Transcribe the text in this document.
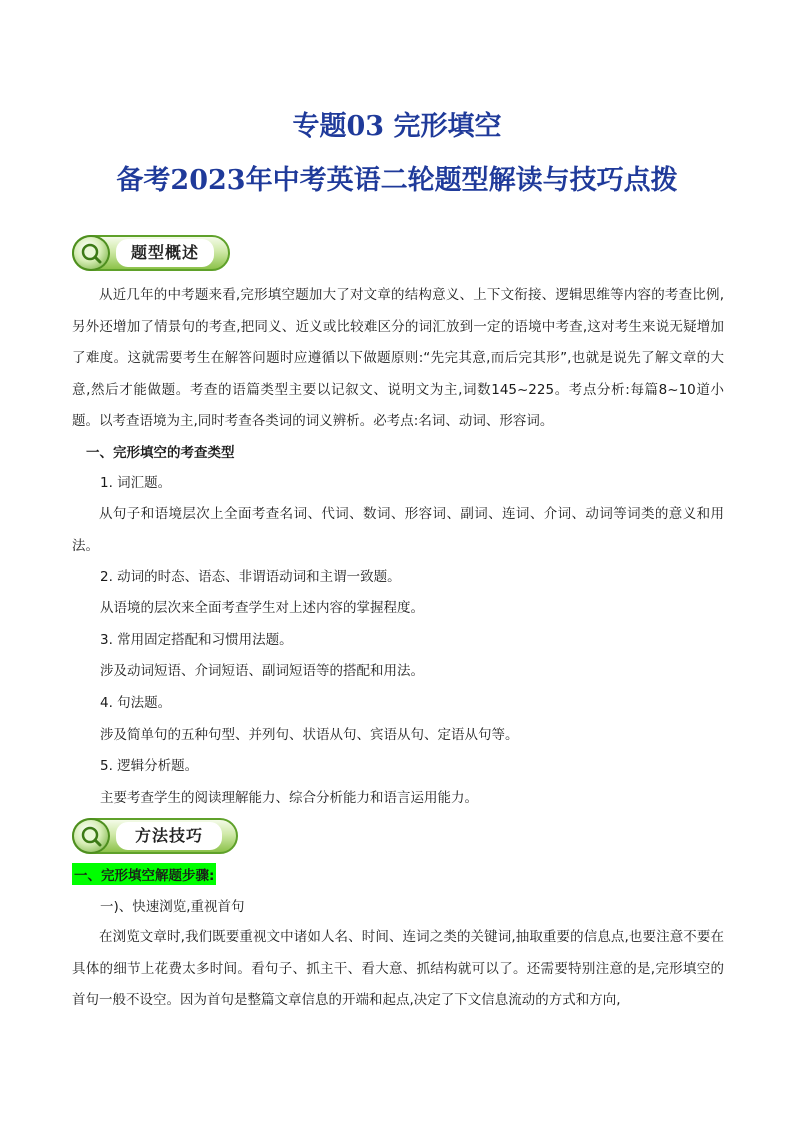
专题03 完形填空
备考2023年中考英语二轮题型解读与技巧点拨
题型概述

从近几年的中考题来看,完形填空题加大了对文章的结构意义、上下文衔接、逻辑思维等内容的考查比例,另外还增加了情景句的考查,把同义、近义或比较难区分的词汇放到一定的语境中考查,这对考生来说无疑增加了难度。这就需要考生在解答问题时应遵循以下做题原则:“先完其意,而后完其形”,也就是说先了解文章的大意,然后才能做题。考查的语篇类型主要以记叙文、说明文为主,词数145~225。考点分析:每篇8~10道小题。以考查语境为主,同时考查各类词的词义辨析。必考点:名词、动词、形容词。

一、完形填空的考查类型
1. 词汇题。

从句子和语境层次上全面考查名词、代词、数词、形容词、副词、连词、介词、动词等词类的意义和用法。

2. 动词的时态、语态、非谓语动词和主谓一致题。
从语境的层次来全面考查学生对上述内容的掌握程度。
3. 常用固定搭配和习惯用法题。
涉及动词短语、介词短语、副词短语等的搭配和用法。
4. 句法题。
涉及简单句的五种句型、并列句、状语从句、宾语从句、定语从句等。
5. 逻辑分析题。
主要考查学生的阅读理解能力、综合分析能力和语言运用能力。
方法技巧
一、完形填空解题步骤:
一)、快速浏览,重视首句

在浏览文章时,我们既要重视文中诸如人名、时间、连词之类的关键词,抽取重要的信息点,也要注意不要在具体的细节上花费太多时间。看句子、抓主干、看大意、抓结构就可以了。还需要特别注意的是,完形填空的首句一般不设空。因为首句是整篇文章信息的开端和起点,决定了下文信息流动的方式和方向,
